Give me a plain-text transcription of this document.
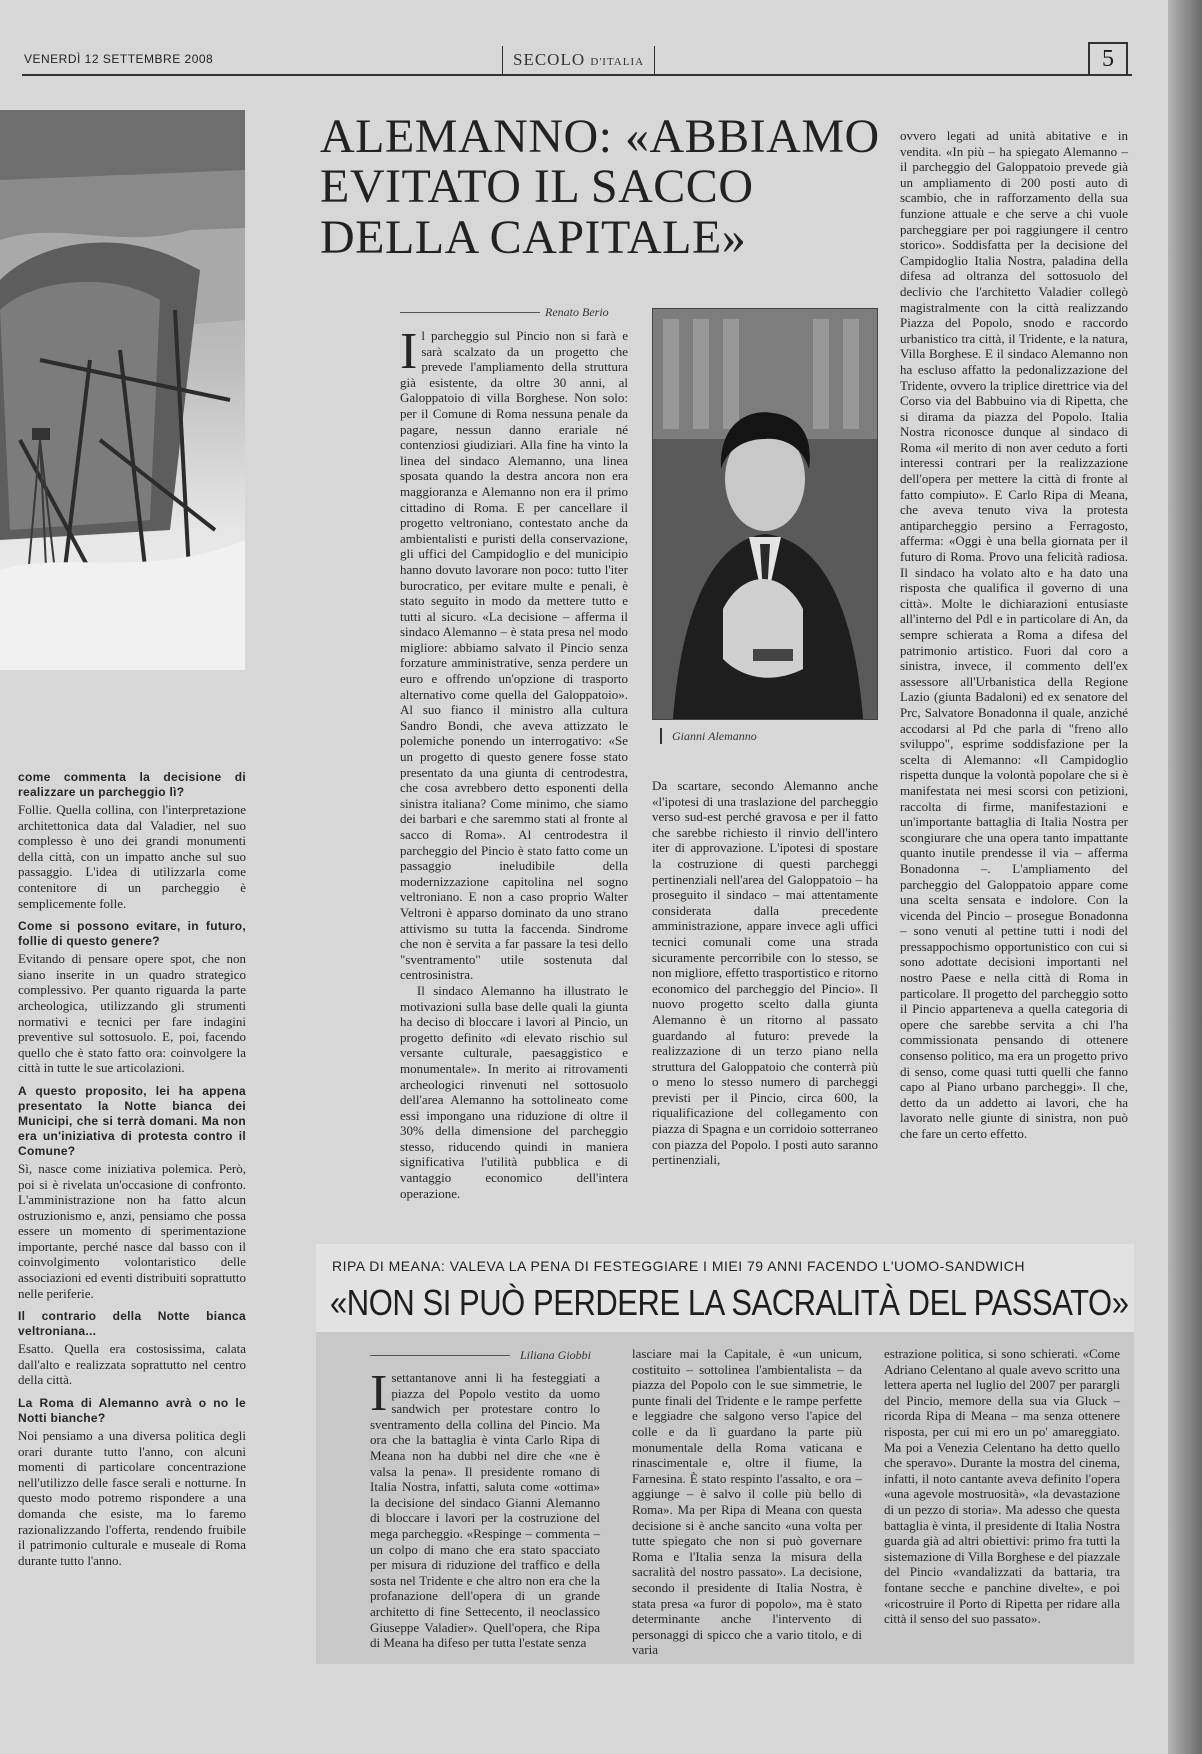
VENERDÌ 12 SETTEMBRE 2008	SECOLO D'ITALIA	5
ALEMANNO: «ABBIAMO EVITATO IL SACCO DELLA CAPITALE»
Renato Berio

Il parcheggio sul Pincio non si farà e sarà scalzato da un progetto che prevede l'ampliamento della struttura già esistente, da oltre 30 anni, al Galoppatoio di villa Borghese. Non solo: per il Comune di Roma nessuna penale da pagare, nessun danno erariale né contenziosi giudiziari. Alla fine ha vinto la linea del sindaco Alemanno, una linea sposata quando la destra ancora non era maggioranza e Alemanno non era il primo cittadino di Roma. E per cancellare il progetto veltroniano, contestato anche da ambientalisti e puristi della conservazione, gli uffici del Campidoglio e del municipio hanno dovuto lavorare non poco: tutto l'iter burocratico, per evitare multe e penali, è stato seguito in modo da mettere tutto e tutti al sicuro. «La decisione – afferma il sindaco Alemanno – è stata presa nel modo migliore: abbiamo salvato il Pincio senza forzature amministrative, senza perdere un euro e offrendo un'opzione di trasporto alternativo come quella del Galoppatoio». Al suo fianco il ministro alla cultura Sandro Bondi, che aveva attizzato le polemiche ponendo un interrogativo: «Se un progetto di questo genere fosse stato presentato da una giunta di centrodestra, che cosa avrebbero detto esponenti della sinistra italiana? Come minimo, che siamo dei barbari e che saremmo stati al fronte al sacco di Roma». Al centrodestra il parcheggio del Pincio è stato fatto come un passaggio ineludibile della modernizzazione capitolina nel sogno veltroniano. E non a caso proprio Walter Veltroni è apparso dominato da uno strano attivismo su tutta la faccenda. Sindrome che non è servita a far passare la tesi dello "sventramento" utile sostenuta dal centrosinistra.
Il sindaco Alemanno ha illustrato le motivazioni sulla base delle quali la giunta ha deciso di bloccare i lavori al Pincio, un progetto definito «di elevato rischio sul versante culturale, paesaggistico e monumentale». In merito ai ritrovamenti archeologici rinvenuti nel sottosuolo dell'area Alemanno ha sottolineato come essi impongano una riduzione di oltre il 30% della dimensione del parcheggio stesso, riducendo quindi in maniera significativa l'utilità pubblica e di vantaggio economico dell'intera operazione.

Gianni Alemanno

Da scartare, secondo Alemanno anche «l'ipotesi di una traslazione del parcheggio verso sud-est perché gravosa e per il fatto che sarebbe richiesto il rinvio dell'intero iter di approvazione. L'ipotesi di spostare la costruzione di questi parcheggi pertinenziali nell'area del Galoppatoio – ha proseguito il sindaco – mai attentamente considerata dalla precedente amministrazione, appare invece agli uffici tecnici comunali come una strada sicuramente percorribile con lo stesso, se non migliore, effetto trasportistico e ritorno economico del parcheggio del Pincio». Il nuovo progetto scelto dalla giunta Alemanno è un ritorno al passato guardando al futuro: prevede la realizzazione di un terzo piano nella struttura del Galoppatoio che conterrà più o meno lo stesso numero di parcheggi previsti per il Pincio, circa 600, la riqualificazione del collegamento con piazza di Spagna e un corridoio sotterraneo con piazza del Popolo. I posti auto saranno pertinenziali,

ovvero legati ad unità abitative e in vendita. «In più – ha spiegato Alemanno – il parcheggio del Galoppatoio prevede già un ampliamento di 200 posti auto di scambio, che in rafforzamento della sua funzione attuale e che serve a chi vuole parcheggiare per poi raggiungere il centro storico». Soddisfatta per la decisione del Campidoglio Italia Nostra, paladina della difesa ad oltranza del sottosuolo del declivio che l'architetto Valadier collegò magistralmente con la città realizzando Piazza del Popolo, snodo e raccordo urbanistico tra città, il Tridente, e la natura, Villa Borghese. E il sindaco Alemanno non ha escluso affatto la pedonalizzazione del Tridente, ovvero la triplice direttrice via del Corso via del Babbuino via di Ripetta, che si dirama da piazza del Popolo. Italia Nostra riconosce dunque al sindaco di Roma «il merito di non aver ceduto a forti interessi contrari per la realizzazione dell'opera per mettere la città di fronte al fatto compiuto». E Carlo Ripa di Meana, che aveva tenuto viva la protesta antiparcheggio persino a Ferragosto, afferma: «Oggi è una bella giornata per il futuro di Roma. Provo una felicità radiosa. Il sindaco ha volato alto e ha dato una risposta che qualifica il governo di una città». Molte le dichiarazioni entusiaste all'interno del Pdl e in particolare di An, da sempre schierata a Roma a difesa del patrimonio artistico. Fuori dal coro a sinistra, invece, il commento dell'ex assessore all'Urbanistica della Regione Lazio (giunta Badaloni) ed ex senatore del Prc, Salvatore Bonadonna il quale, anziché accodarsi al Pd che parla di "freno allo sviluppo", esprime soddisfazione per la scelta di Alemanno: «Il Campidoglio rispetta dunque la volontà popolare che si è manifestata nei mesi scorsi con petizioni, raccolta di firme, manifestazioni e un'importante battaglia di Italia Nostra per scongiurare che una opera tanto impattante quanto inutile prendesse il via – afferma Bonadonna –. L'ampliamento del parcheggio del Galoppatoio appare come una scelta sensata e indolore. Con la vicenda del Pincio – prosegue Bonadonna – sono venuti al pettine tutti i nodi del pressappochismo opportunistico con cui si sono adottate decisioni importanti nel nostro Paese e nella città di Roma in particolare. Il progetto del parcheggio sotto il Pincio apparteneva a quella categoria di opere che sarebbe servita a chi l'ha commissionata pensando di ottenere consenso politico, ma era un progetto privo di senso, come quasi tutti quelli che fanno capo al Piano urbano parcheggi». Il che, detto da un addetto ai lavori, che ha lavorato nelle giunte di sinistra, non può che fare un certo effetto.

come commenta la decisione di realizzare un parcheggio lì?
Follie. Quella collina, con l'interpretazione architettonica data dal Valadier, nel suo complesso è uno dei grandi monumenti della città, con un impatto anche sul suo passaggio. L'idea di utilizzarla come contenitore di un parcheggio è semplicemente folle.

Come si possono evitare, in futuro, follie di questo genere?
Evitando di pensare opere spot, che non siano inserite in un quadro strategico complessivo. Per quanto riguarda la parte archeologica, utilizzando gli strumenti normativi e tecnici per fare indagini preventive sul sottosuolo. E, poi, facendo quello che è stato fatto ora: coinvolgere la città in tutte le sue articolazioni.

A questo proposito, lei ha appena presentato la Notte bianca dei Municipi, che si terrà domani. Ma non era un'iniziativa di protesta contro il Comune?
Sì, nasce come iniziativa polemica. Però, poi si è rivelata un'occasione di confronto. L'amministrazione non ha fatto alcun ostruzionismo e, anzi, pensiamo che possa essere un momento di sperimentazione importante, perché nasce dal basso con il coinvolgimento volontaristico delle associazioni ed eventi distribuiti soprattutto nelle periferie.

Il contrario della Notte bianca veltroniana...
Esatto. Quella era costosissima, calata dall'alto e realizzata soprattutto nel centro della città.

La Roma di Alemanno avrà o no le Notti bianche?
Noi pensiamo a una diversa politica degli orari durante tutto l'anno, con alcuni momenti di particolare concentrazione nell'utilizzo delle fasce serali e notturne. In questo modo potremo rispondere a una domanda che esiste, ma lo faremo razionalizzando l'offerta, rendendo fruibile il patrimonio culturale e museale di Roma durante tutto l'anno.

RIPA DI MEANA: VALEVA LA PENA DI FESTEGGIARE I MIEI 79 ANNI FACENDO L'UOMO-SANDWICH
«NON SI PUÒ PERDERE LA SACRALITÀ DEL PASSATO»
Liliana Giobbi

Isettantanove anni li ha festeggiati a piazza del Popolo vestito da uomo sandwich per protestare contro lo sventramento della collina del Pincio. Ma ora che la battaglia è vinta Carlo Ripa di Meana non ha dubbi nel dire che «ne è valsa la pena». Il presidente romano di Italia Nostra, infatti, saluta come «ottima» la decisione del sindaco Gianni Alemanno di bloccare i lavori per la costruzione del mega parcheggio. «Respinge – commenta – un colpo di mano che era stato spacciato per misura di riduzione del traffico e della sosta nel Tridente e che altro non era che la profanazione dell'opera di un grande architetto di fine Settecento, il neoclassico Giuseppe Valadier». Quell'opera, che Ripa di Meana ha difeso per tutta l'estate senza

lasciare mai la Capitale, è «un unicum, costituito – sottolinea l'ambientalista – da piazza del Popolo con le sue simmetrie, le punte finali del Tridente e le rampe perfette e leggiadre che salgono verso l'apice del colle e da lì guardano la parte più monumentale della Roma vaticana e rinascimentale e, oltre il fiume, la Farnesina. È stato respinto l'assalto, e ora – aggiunge – è salvo il colle più bello di Roma». Ma per Ripa di Meana con questa decisione si è anche sancito «una volta per tutte spiegato che non si può governare Roma e l'Italia senza la misura della sacralità del nostro passato». La decisione, secondo il presidente di Italia Nostra, è stata presa «a furor di popolo», ma è stato determinante anche l'intervento di personaggi di spicco che a vario titolo, e di varia

estrazione politica, si sono schierati. «Come Adriano Celentano al quale avevo scritto una lettera aperta nel luglio del 2007 per parargli del Pincio, memore della sua via Gluck – ricorda Ripa di Meana – ma senza ottenere risposta, per cui mi ero un po' amareggiato. Ma poi a Venezia Celentano ha detto quello che speravo». Durante la mostra del cinema, infatti, il noto cantante aveva definito l'opera «una agevole mostruosità», «la devastazione di un pezzo di storia». Ma adesso che questa battaglia è vinta, il presidente di Italia Nostra guarda già ad altri obiettivi: primo fra tutti la sistemazione di Villa Borghese e del piazzale del Pincio «vandalizzati da battaria, tra fontane secche e panchine divelte», e poi «ricostruire il Porto di Ripetta per ridare alla città il senso del suo passato».
